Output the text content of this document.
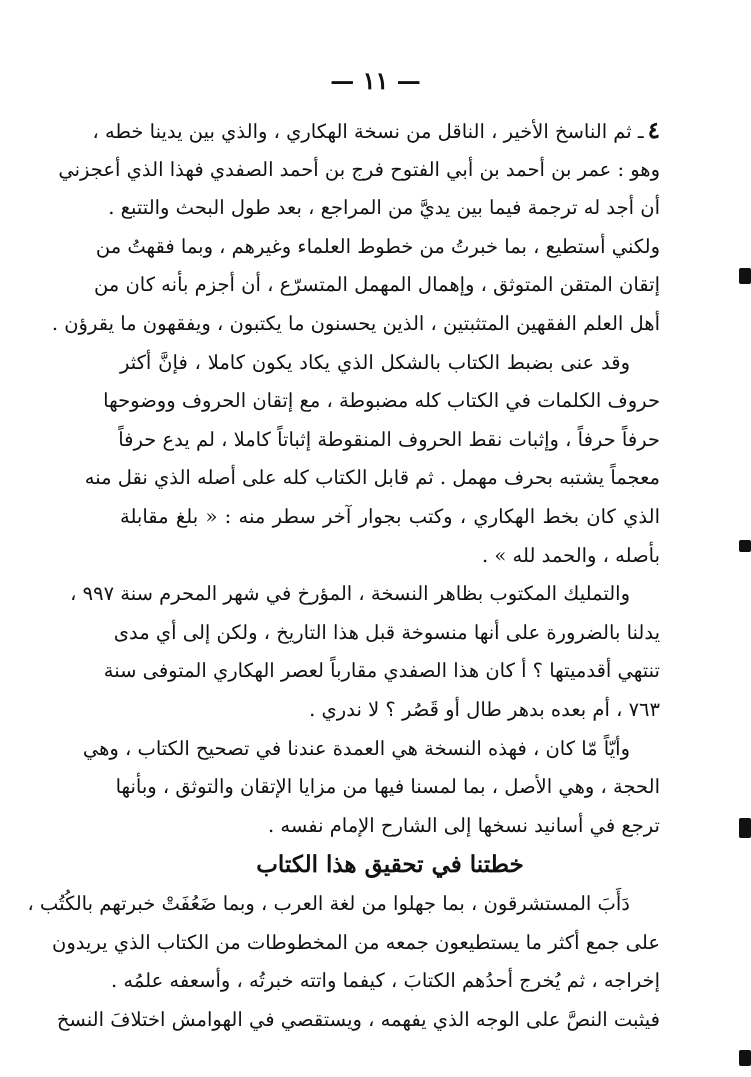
— ١١ —
٤ـ ثم الناسخ الأخير ، الناقل من نسخة الهكاري ، والذي بين يدينا خطه ،
وهو : عمر بن أحمد بن أبي الفتوح فرج بن أحمد الصفدي فهذا الذي أعجزني
أن أجد له ترجمة فيما بين يديَّ من المراجع ، بعد طول البحث والتتبع .
ولكني أستطيع ، بما خبرتُ من خطوط العلماء وغيرهم ، وبما فقهتُ من
إتقان المتقن المتوثق ، وإهمال المهمل المتسرّع ، أن أجزم بأنه كان من
أهل العلم الفقهين المتثبتين ، الذين يحسنون ما يكتبون ، ويفقهون ما يقرؤن .
وقد عنى بضبط الكتاب بالشكل الذي يكاد يكون كاملا ، فإنَّ أكثر
حروف الكلمات في الكتاب كله مضبوطة ، مع إتقان الحروف ووضوحها
حرفاً حرفاً ، وإثبات نقط الحروف المنقوطة إثباتاً كاملا ، لم يدع حرفاً
معجماً يشتبه بحرف مهمل . ثم قابل الكتاب كله على أصله الذي نقل منه
الذي كان بخط الهكاري ، وكتب بجوار آخر سطر منه : « بلغ مقابلة
بأصله ، والحمد لله » .
والتمليك المكتوب بظاهر النسخة ، المؤرخ في شهر المحرم سنة ٩٩٧ ،
يدلنا بالضرورة على أنها منسوخة قبل هذا التاريخ ، ولكن إلى أي مدى
تنتهي أقدميتها ؟ أ كان هذا الصفدي مقارباً لعصر الهكاري المتوفى سنة
٧٦٣ ، أم بعده بدهر طال أو قَصُر ؟ لا ندري .
وأيّاً مّا كان ، فهذه النسخة هي العمدة عندنا في تصحيح الكتاب ، وهي
الحجة ، وهي الأصل ، بما لمسنا فيها من مزايا الإتقان والتوثق ، وبأنها
ترجع في أسانيد نسخها إلى الشارح الإمام نفسه .
خطتنا في تحقيق هذا الكتاب
دَأَبَ المستشرقون ، بما جهلوا من لغة العرب ، وبما ضَعُفَتْ خبرتهم بالكُتُب ،
على جمع أكثر ما يستطيعون جمعه من المخطوطات من الكتاب الذي يريدون
إخراجه ، ثم يُخرج أحدُهم الكتابَ ، كيفما واتته خبرتُه ، وأسعفه علمُه .
فيثبت النصَّ على الوجه الذي يفهمه ، ويستقصي في الهوامش اختلافَ النسخ
